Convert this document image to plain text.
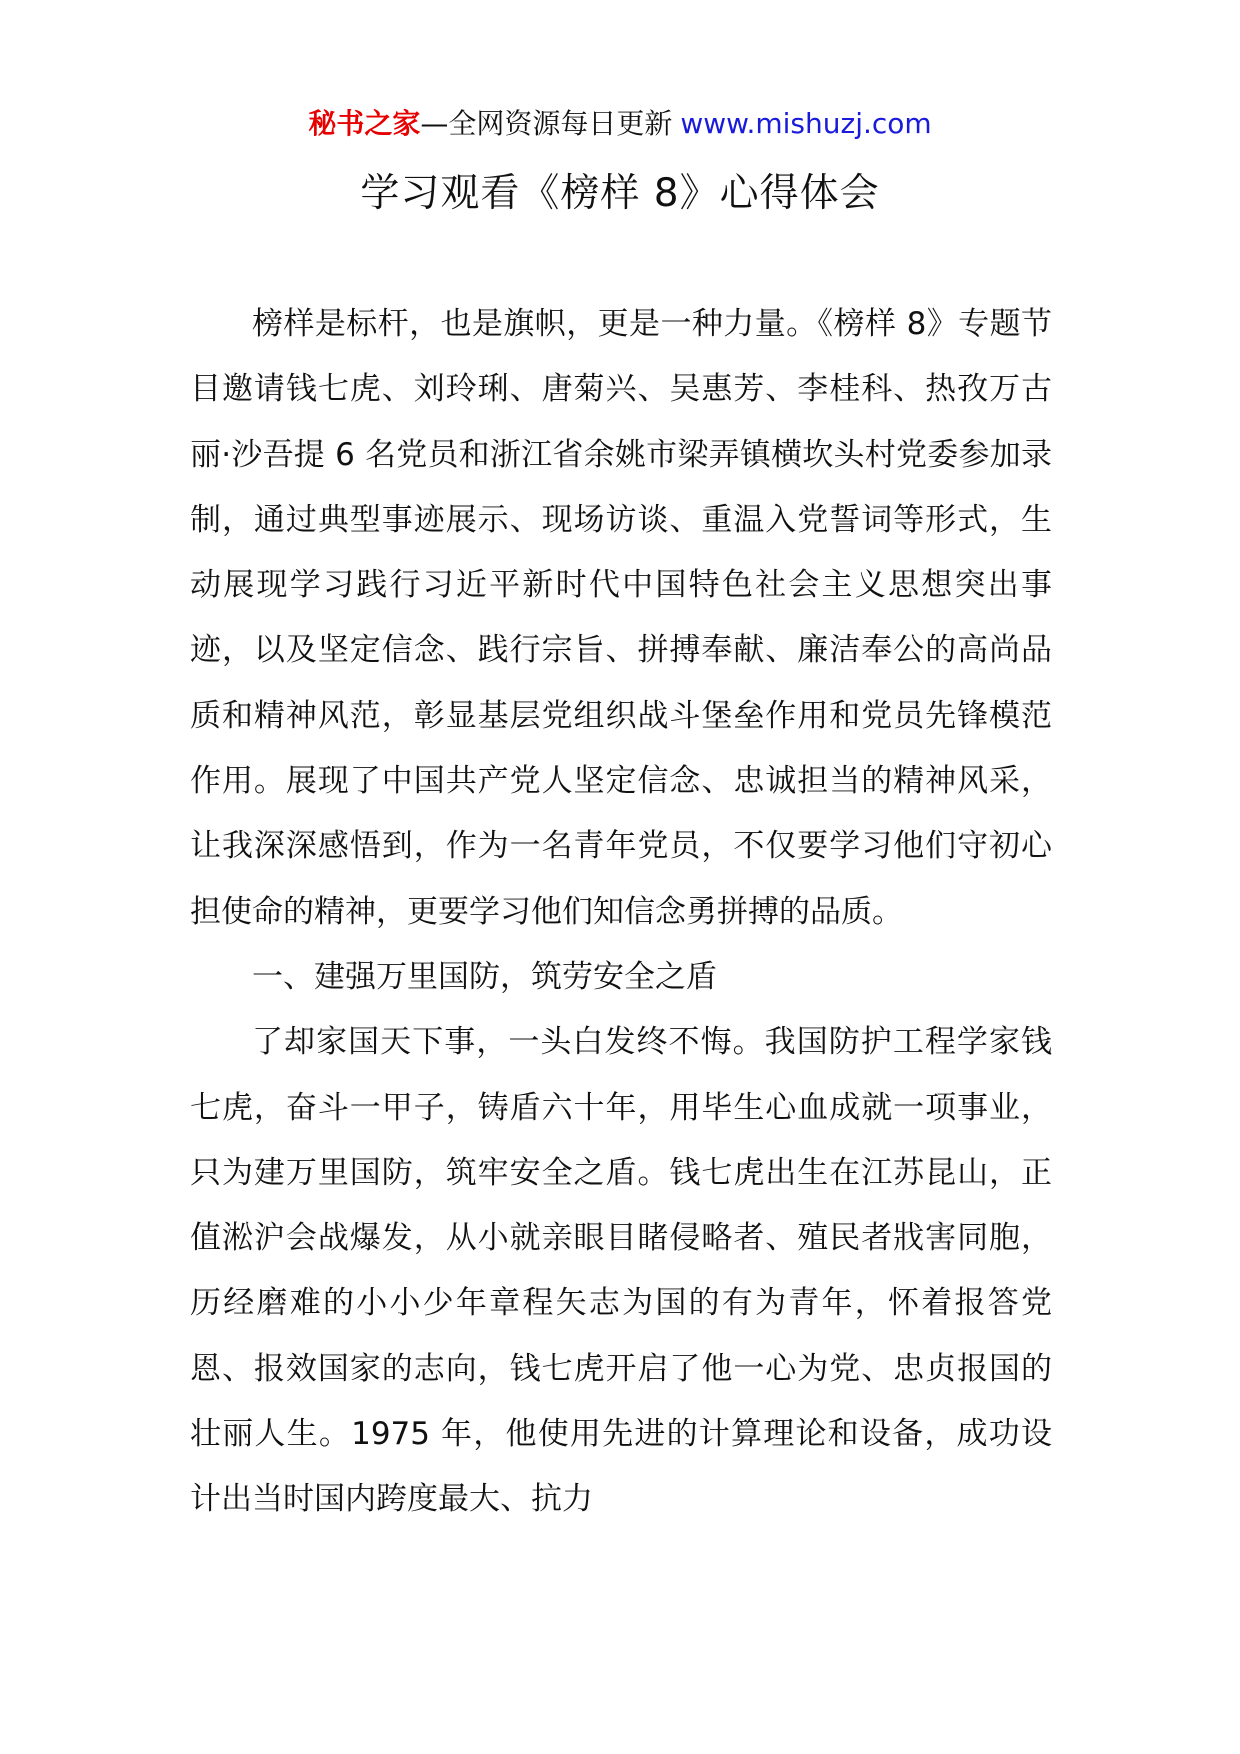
秘书之家—全网资源每日更新 www.mishuzj.com
学习观看《榜样 8》心得体会

榜样是标杆，也是旗帜，更是一种力量。《榜样 8》专题节目邀请钱七虎、刘玲琍、唐菊兴、吴惠芳、李桂科、热孜万古丽·沙吾提 6 名党员和浙江省余姚市梁弄镇横坎头村党委参加录制，通过典型事迹展示、现场访谈、重温入党誓词等形式，生动展现学习践行习近平新时代中国特色社会主义思想突出事迹，以及坚定信念、践行宗旨、拼搏奉献、廉洁奉公的高尚品质和精神风范，彰显基层党组织战斗堡垒作用和党员先锋模范作用。展现了中国共产党人坚定信念、忠诚担当的精神风采，让我深深感悟到，作为一名青年党员，不仅要学习他们守初心担使命的精神，更要学习他们知信念勇拼搏的品质。

一、建强万里国防，筑劳安全之盾

了却家国天下事，一头白发终不悔。我国防护工程学家钱七虎，奋斗一甲子，铸盾六十年，用毕生心血成就一项事业，只为建万里国防，筑牢安全之盾。钱七虎出生在江苏昆山，正值淞沪会战爆发，从小就亲眼目睹侵略者、殖民者戕害同胞，历经磨难的小小少年章程矢志为国的有为青年，怀着报答党恩、报效国家的志向，钱七虎开启了他一心为党、忠贞报国的壮丽人生。1975 年，他使用先进的计算理论和设备，成功设计出当时国内跨度最大、抗力
